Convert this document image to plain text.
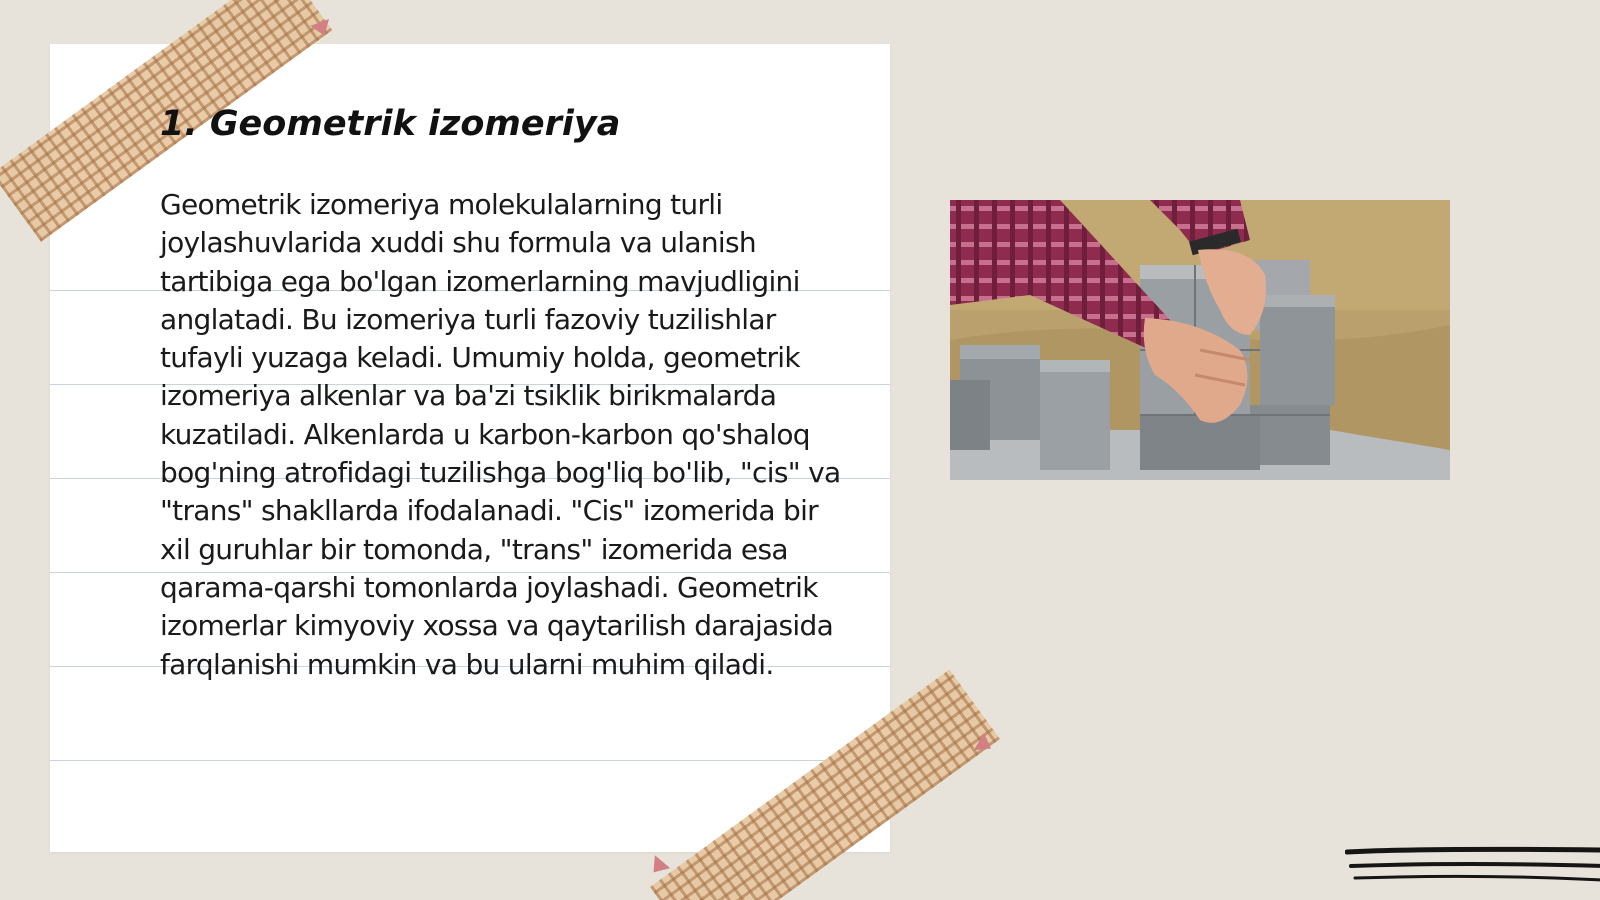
1. Geometrik izomeriya

Geometrik izomeriya molekulalarning turli joylashuvlarida xuddi shu formula va ulanish tartibiga ega bo'lgan izomerlarning mavjudligini anglatadi. Bu izomeriya turli fazoviy tuzilishlar tufayli yuzaga keladi. Umumiy holda, geometrik izomeriya alkenlar va ba'zi tsiklik birikmalarda kuzatiladi. Alkenlarda u karbon-karbon qo'shaloq bog'ning atrofidagi tuzilishga bog'liq bo'lib, "cis" va "trans" shakllarda ifodalanadi. "Cis" izomerida bir xil guruhlar bir tomonda, "trans" izomerida esa qarama-qarshi tomonlarda joylashadi. Geometrik izomerlar kimyoviy xossa va qaytarilish darajasida farqlanishi mumkin va bu ularni muhim qiladi.
